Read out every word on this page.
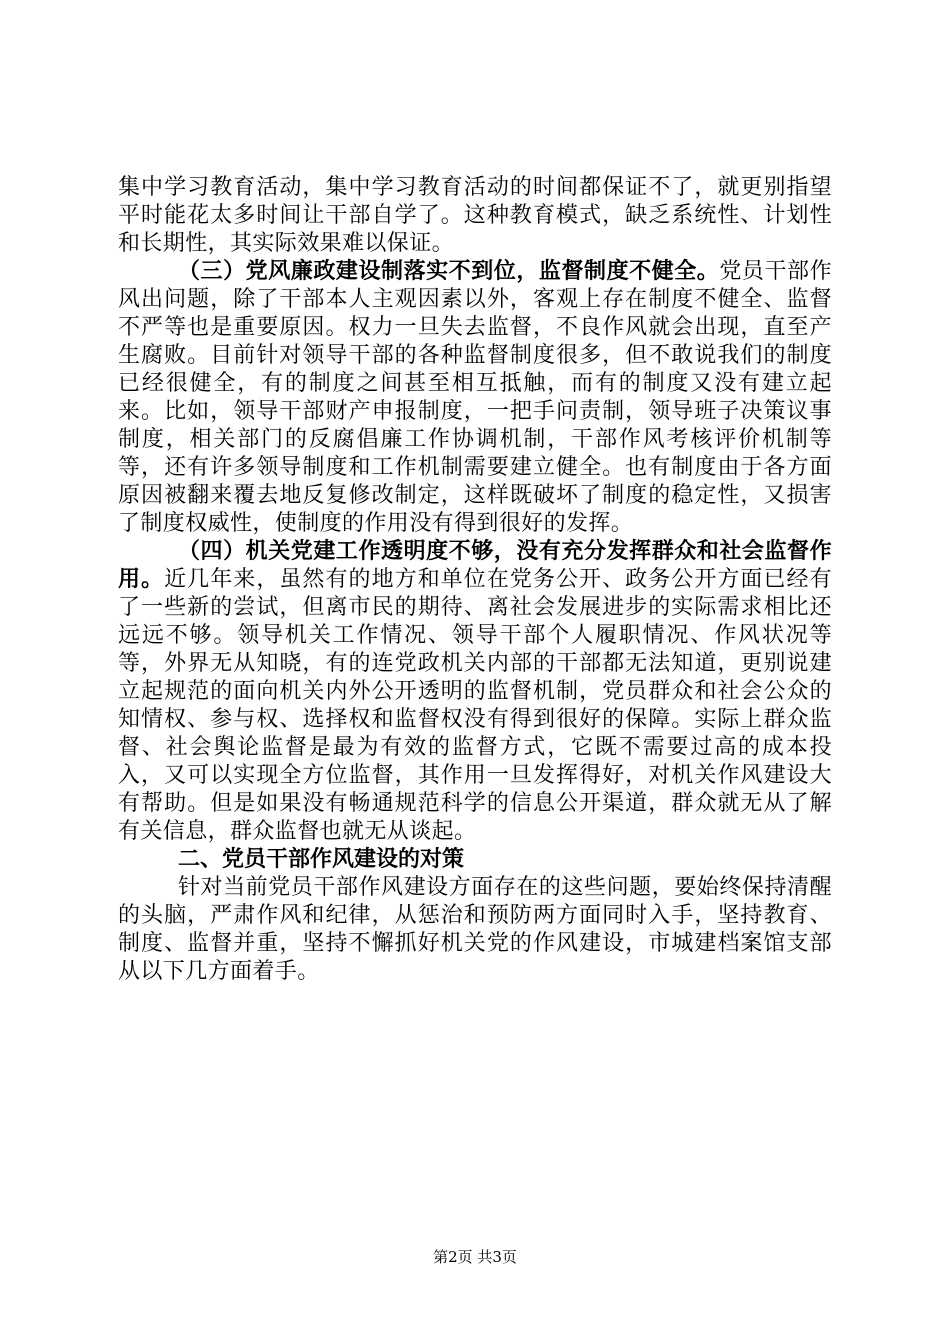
集中学习教育活动，集中学习教育活动的时间都保证不了，就更别指望平时能花太多时间让干部自学了。这种教育模式，缺乏系统性、计划性和长期性，其实际效果难以保证。

（三）党风廉政建设制落实不到位，监督制度不健全。党员干部作风出问题，除了干部本人主观因素以外，客观上存在制度不健全、监督不严等也是重要原因。权力一旦失去监督，不良作风就会出现，直至产生腐败。目前针对领导干部的各种监督制度很多，但不敢说我们的制度已经很健全，有的制度之间甚至相互抵触，而有的制度又没有建立起来。比如，领导干部财产申报制度，一把手问责制，领导班子决策议事制度，相关部门的反腐倡廉工作协调机制，干部作风考核评价机制等等，还有许多领导制度和工作机制需要建立健全。也有制度由于各方面原因被翻来覆去地反复修改制定，这样既破坏了制度的稳定性，又损害了制度权威性，使制度的作用没有得到很好的发挥。

（四）机关党建工作透明度不够，没有充分发挥群众和社会监督作用。近几年来，虽然有的地方和单位在党务公开、政务公开方面已经有了一些新的尝试，但离市民的期待、离社会发展进步的实际需求相比还远远不够。领导机关工作情况、领导干部个人履职情况、作风状况等等，外界无从知晓，有的连党政机关内部的干部都无法知道，更别说建立起规范的面向机关内外公开透明的监督机制，党员群众和社会公众的知情权、参与权、选择权和监督权没有得到很好的保障。实际上群众监督、社会舆论监督是最为有效的监督方式，它既不需要过高的成本投入，又可以实现全方位监督，其作用一旦发挥得好，对机关作风建设大有帮助。但是如果没有畅通规范科学的信息公开渠道，群众就无从了解有关信息，群众监督也就无从谈起。

二、党员干部作风建设的对策

针对当前党员干部作风建设方面存在的这些问题，要始终保持清醒的头脑，严肃作风和纪律，从惩治和预防两方面同时入手，坚持教育、制度、监督并重，坚持不懈抓好机关党的作风建设，市城建档案馆支部从以下几方面着手。

第2页 共3页
